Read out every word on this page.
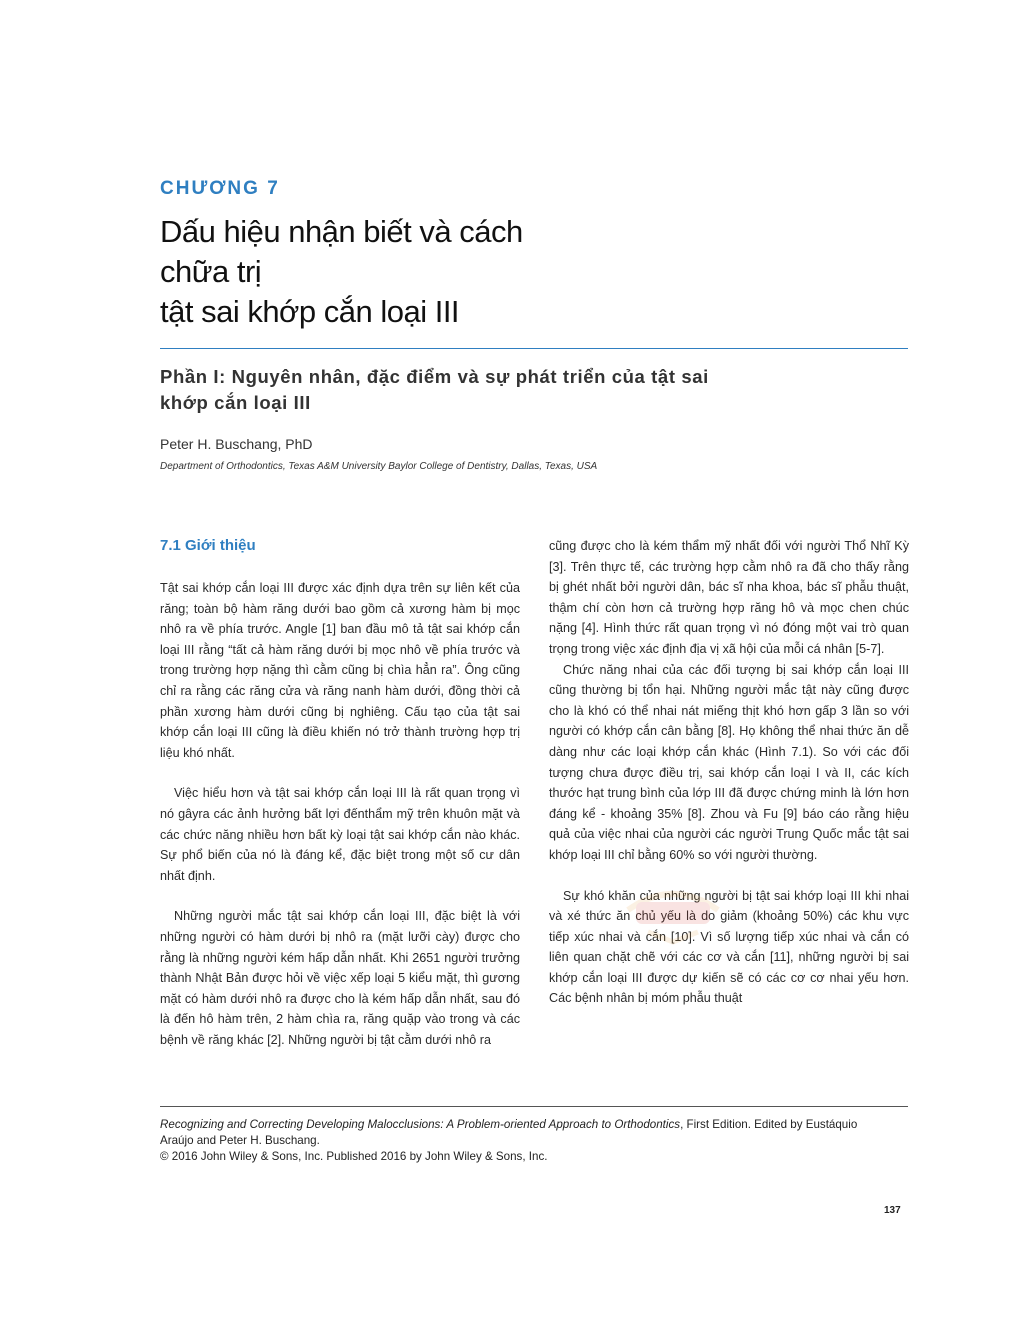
CHƯƠNG 7

Dấu hiệu nhận biết và cách
chữa trị
tật sai khớp cắn loại III
Phần I: Nguyên nhân, đặc điểm và sự phát triển của tật sai
khớp cắn loại III

Peter H. Buschang, PhD

Department of Orthodontics, Texas A&M University Baylor College of Dentistry, Dallas, Texas, USA

7.1 Giới thiệu

Tật sai khớp cắn loại III được xác định dựa trên sự liên kết của răng; toàn bộ hàm răng dưới bao gồm cả xương hàm bị mọc nhô ra về phía trước. Angle [1] ban đầu mô tả tật sai khớp cắn loại III rằng “tất cả hàm răng dưới bị mọc nhô về phía trước và trong trường hợp nặng thì cằm cũng bị chìa hẳn ra”. Ông cũng chỉ ra rằng các răng cửa và răng nanh hàm dưới, đồng thời cả phần xương hàm dưới cũng bị nghiêng. Cấu tạo của tật sai khớp cắn loại III cũng là điều khiến nó trở thành trường hợp trị liệu khó nhất.

Việc hiểu hơn và tật sai khớp cắn loại III là rất quan trọng vì nó gâyra các ảnh hưởng bất lợi đếnthẩm mỹ trên khuôn mặt và các chức năng nhiều hơn bất kỳ loại tật sai khớp cắn nào khác. Sự phổ biến của nó là đáng kể, đặc biệt trong một số cư dân nhất định.

Những người mắc tật sai khớp cắn loại III, đặc biệt là với những người có hàm dưới bị nhô ra (mặt lưỡi cày) được cho rằng là những người kém hấp dẫn nhất. Khi 2651 người trưởng thành Nhật Bản được hỏi về việc xếp loại 5 kiểu mặt, thì gương mặt có hàm dưới nhô ra được cho là kém hấp dẫn nhất, sau đó là đến hô hàm trên, 2 hàm chìa ra, răng quặp vào trong và các bệnh về răng khác [2]. Những người bị tật cằm dưới nhô ra

cũng được cho là kém thẩm mỹ nhất đối với người Thổ Nhĩ Kỳ [3]. Trên thực tế, các trường hợp cằm nhô ra đã cho thấy rằng bị ghét nhất bởi người dân, bác sĩ nha khoa, bác sĩ phẫu thuật, thậm chí còn hơn cả trường hợp răng hô và mọc chen chúc nặng [4]. Hình thức rất quan trọng vì nó đóng một vai trò quan trọng trong việc xác định địa vị xã hội của mỗi cá nhân [5-7].

Chức năng nhai của các đối tượng bị sai khớp cắn loại III cũng thường bị tổn hại. Những người mắc tật này cũng được cho là khó có thể nhai nát miếng thịt khó hơn gấp 3 lần so với người có khớp cắn cân bằng [8]. Họ không thể nhai thức ăn dễ dàng như các loại khớp cắn khác (Hình 7.1). So với các đối tượng chưa được điều trị, sai khớp cắn loại I và II, các kích thước hạt trung bình của lớp III đã được chứng minh là lớn hơn đáng kể - khoảng 35% [8]. Zhou và Fu [9] báo cáo rằng hiệu quả của việc nhai của người các người Trung Quốc mắc tật sai khớp loại III chỉ bằng 60% so với người thường.

Sự khó khăn của những người bị tật sai khớp loại III khi nhai và xé thức ăn chủ yếu là do giảm (khoảng 50%) các khu vực tiếp xúc nhai và cắn [10]. Vì số lượng tiếp xúc nhai và cắn có liên quan chặt chẽ với các cơ và cắn [11], những người bị sai khớp cắn loại III được dự kiến sẽ có các cơ cơ nhai yếu hơn. Các bệnh nhân bị móm phẫu thuật

Recognizing and Correcting Developing Malocclusions: A Problem-oriented Approach to Orthodontics, First Edition. Edited by Eustáquio Araújo and Peter H. Buschang.
© 2016 John Wiley & Sons, Inc. Published 2016 by John Wiley & Sons, Inc.

137
